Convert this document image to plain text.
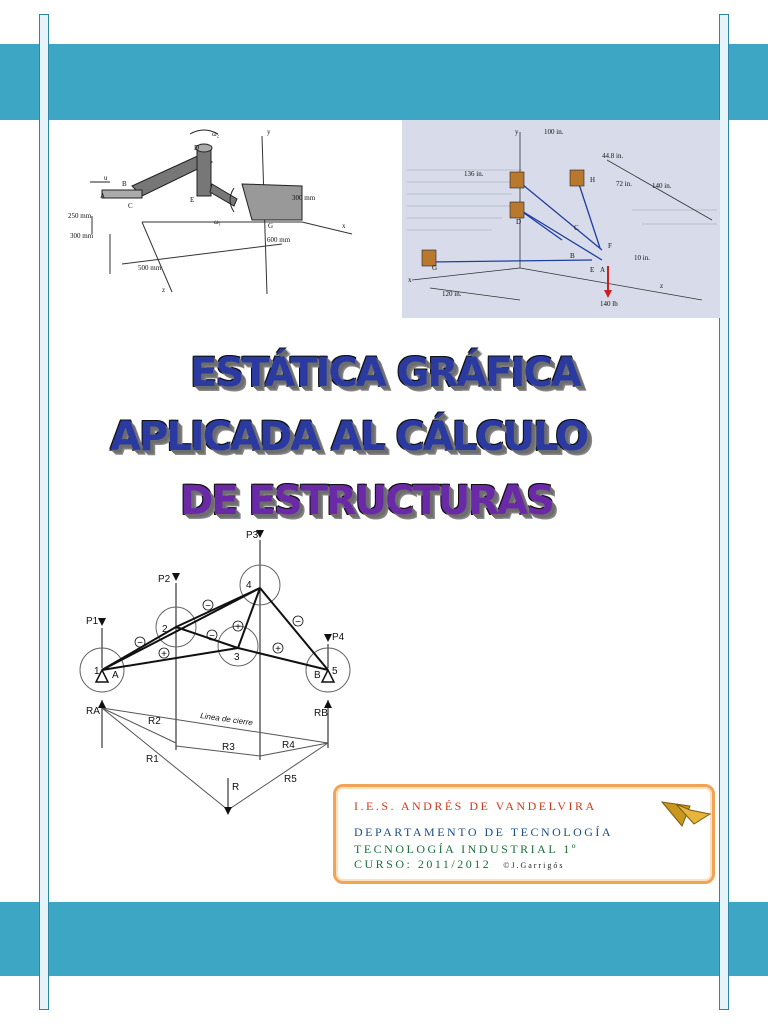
ω₂	y
D
u
A
B
C
E
ω₁	G
250 mm
300 mm
300 mm
600 mm
500 mm
z
x
y	100 in.
44.8 in.
136 in.
72 in.	140 in.
H
D
C
F
B
E A
G
10 in.
120 in.
140 lb
x
z
ESTÁTICA GRÁFICA
APLICADA AL CÁLCULO
DE ESTRUCTURAS
P3
P2
P1
P4
1
2
3
4
5
A	B
RA	RB
R1
R2
R3	R4
R5
R
Linea de cierre
−
−
−
−
+
+
+
I.E.S. ANDRÉS DE VANDELVIRA
DEPARTAMENTO DE TECNOLOGÍA
TECNOLOGÍA INDUSTRIAL 1º
CURSO: 2011/2012 ©J.Garrigós
